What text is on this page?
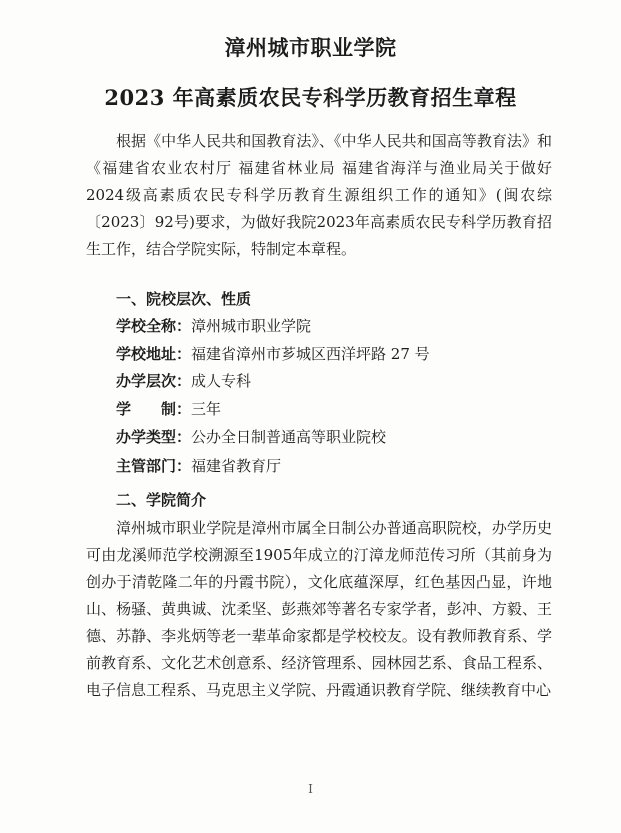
漳州城市职业学院
2023 年高素质农民专科学历教育招生章程

根据《中华人民共和国教育法》、《中华人民共和国高等教育法》和《福建省农业农村厅 福建省林业局 福建省海洋与渔业局关于做好2024级高素质农民专科学历教育生源组织工作的通知》(闽农综〔2023〕92号)要求，为做好我院2023年高素质农民专科学历教育招生工作，结合学院实际，特制定本章程。

一、院校层次、性质

学校全称：漳州城市职业学院

学校地址：福建省漳州市芗城区西洋坪路 27 号

办学层次：成人专科

学　　制：三年

办学类型：公办全日制普通高等职业院校

主管部门：福建省教育厅

二、学院简介

漳州城市职业学院是漳州市属全日制公办普通高职院校，办学历史可由龙溪师范学校溯源至1905年成立的汀漳龙师范传习所（其前身为创办于清乾隆二年的丹霞书院），文化底蕴深厚，红色基因凸显，许地山、杨骚、黄典诚、沈柔坚、彭燕郊等著名专家学者，彭冲、方毅、王德、苏静、李兆炳等老一辈革命家都是学校校友。设有教师教育系、学前教育系、文化艺术创意系、经济管理系、园林园艺系、食品工程系、电子信息工程系、马克思主义学院、丹霞通识教育学院、继续教育中心

I
